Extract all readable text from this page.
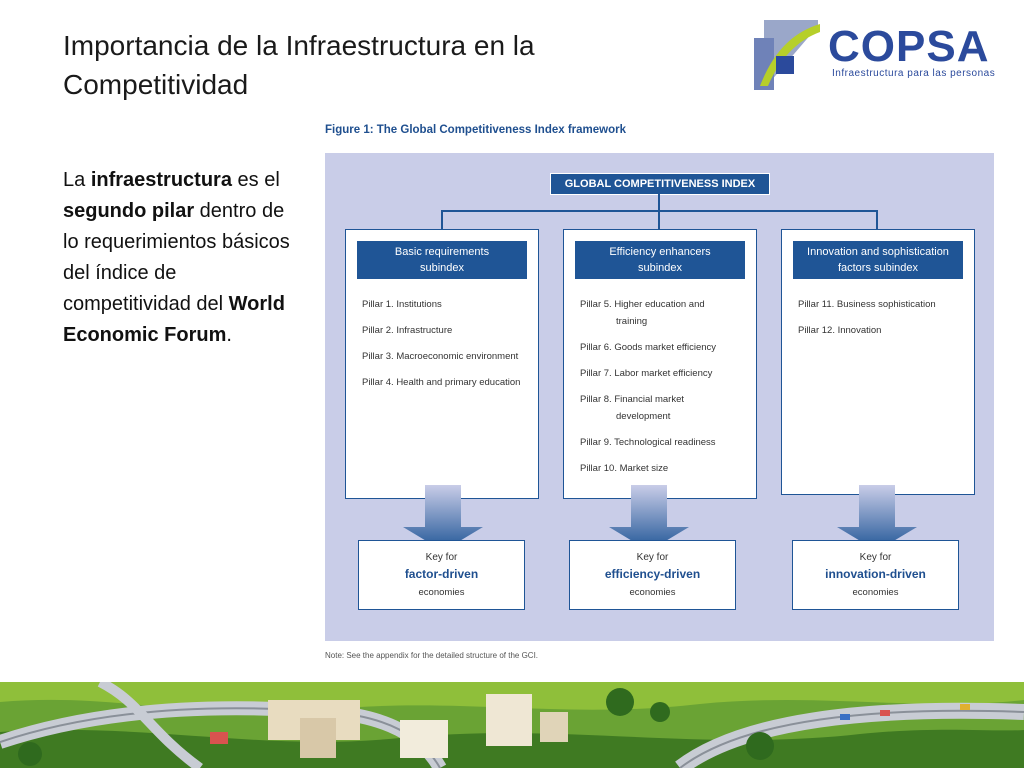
Importancia de la Infraestructura en la
Competitividad
COPSA
Infraestructura para las personas
La infraestructura es el segundo pilar dentro de lo requerimientos básicos del índice de competitividad del World Economic Forum.
Figure 1: The Global Competitiveness Index framework
GLOBAL COMPETITIVENESS INDEX
Basic requirements
subindex
Pillar 1. Institutions
Pillar 2. Infrastructure
Pillar 3. Macroeconomic environment
Pillar 4. Health and primary education
Efficiency enhancers
subindex
Pillar 5. Higher education and
training
Pillar 6. Goods market efficiency
Pillar 7. Labor market efficiency
Pillar 8. Financial market
development
Pillar 9. Technological readiness
Pillar 10. Market size
Innovation and sophistication
factors subindex
Pillar 11. Business sophistication
Pillar 12. Innovation
Key for
factor-driven
economies
Key for
efficiency-driven
economies
Key for
innovation-driven
economies
Note: See the appendix for the detailed structure of the GCI.
